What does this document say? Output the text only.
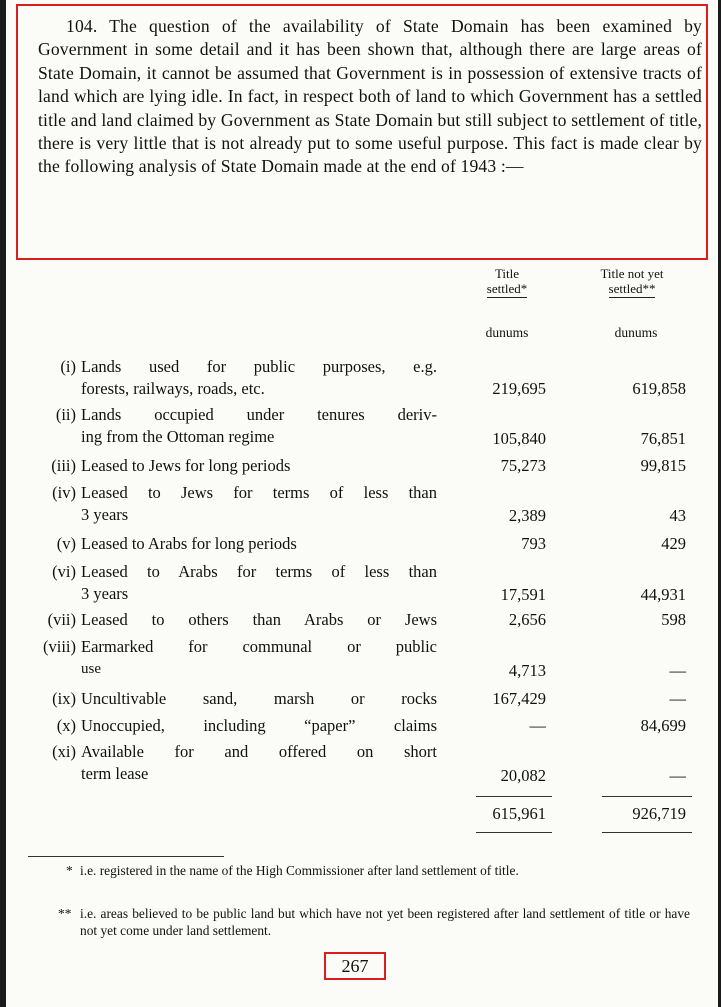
104. The question of the availability of State Domain has been examined by Government in some detail and it has been shown that, although there are large areas of State Domain, it cannot be assumed that Government is in possession of extensive tracts of land which are lying idle. In fact, in respect both of land to which Government has a settled title and land claimed by Government as State Domain but still subject to settlement of title, there is very little that is not already put to some useful purpose. This fact is made clear by the following analysis of State Domain made at the end of 1943 :—

Title
settled*
Title not yet
settled**
dunums	dunums
(i) Lands used for public purposes, e.g.
forests, railways, roads, etc.	219,695	619,858
(ii) Lands occupied under tenures deriv-
ing from the Ottoman regime	105,840	76,851
(iii) Leased to Jews for long periods	75,273	99,815
(iv) Leased to Jews for terms of less than
3 years	2,389	43
(v) Leased to Arabs for long periods	793	429
(vi) Leased to Arabs for terms of less than
3 years	17,591	44,931
(vii) Leased to others than Arabs or Jews	2,656	598
(viii) Earmarked for communal or public
use	4,713	—
(ix) Uncultivable sand, marsh or rocks	167,429	—
(x) Unoccupied, including “paper” claims	—	84,699
(xi) Available for and offered on short
term lease	20,082	—
615,961	926,719
* i.e. registered in the name of the High Commissioner after land settlement of title.
** i.e. areas believed to be public land but which have not yet been registered after land settlement of title or have not yet come under land settlement.
267
